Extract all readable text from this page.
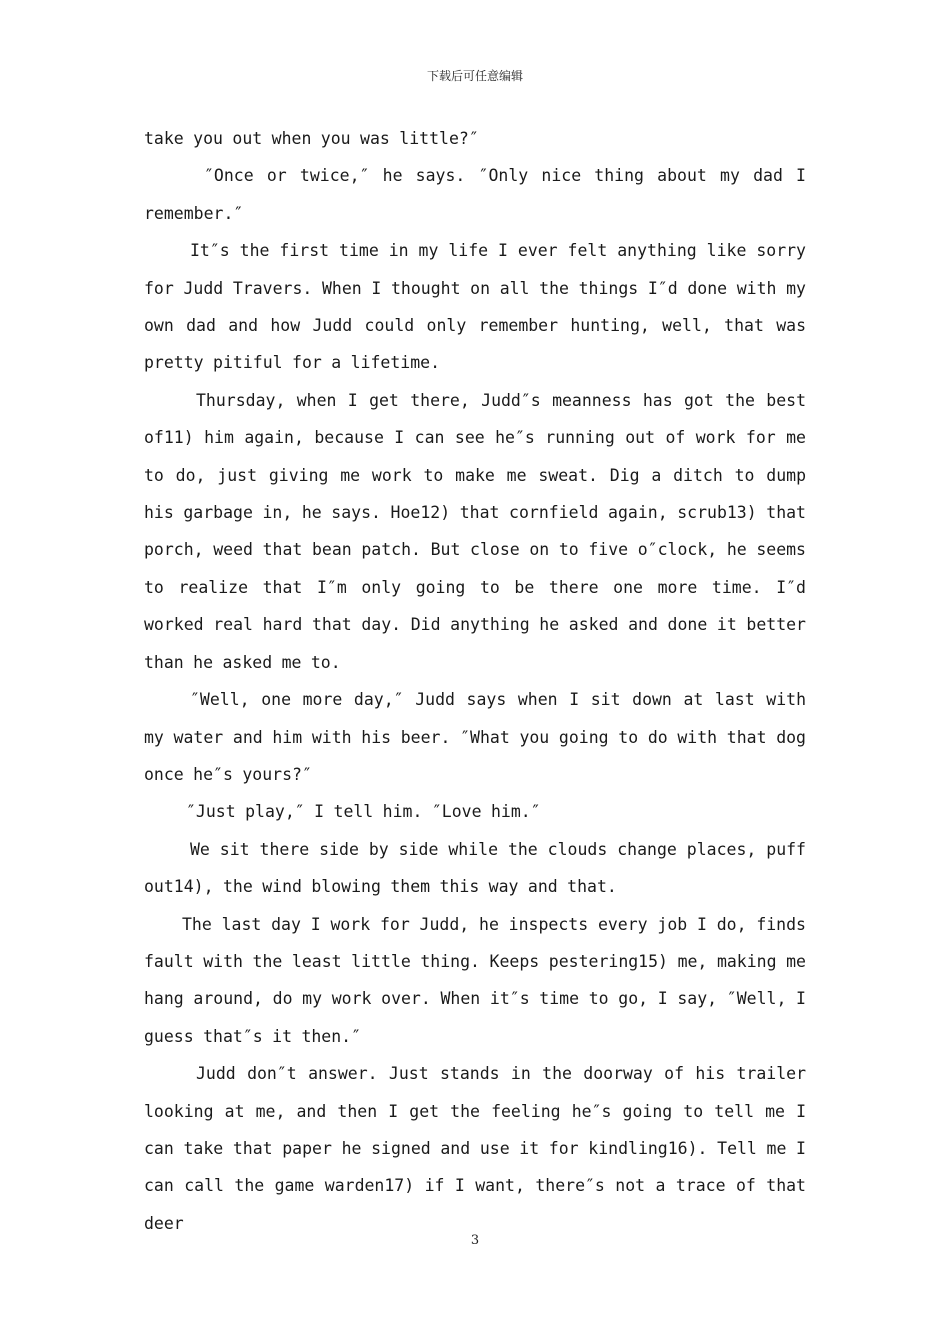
下载后可任意编辑

take you out when you was little?″

″Once or twice,″ he says. ″Only nice thing about my dad I remember.″

It″s the first time in my life I ever felt anything like sorry for Judd Travers. When I thought on all the things I″d done with my own dad and how Judd could only remember hunting, well, that was pretty pitiful for a lifetime.

Thursday, when I get there, Judd″s meanness has got the best of11) him again, because I can see he″s running out of work for me to do, just giving me work to make me sweat. Dig a ditch to dump his garbage in, he says. Hoe12) that cornfield again, scrub13) that porch, weed that bean patch. But close on to five o″clock, he seems to realize that I″m only going to be there one more time. I″d worked real hard that day. Did anything he asked and done it better than he asked me to.

″Well, one more day,″ Judd says when I sit down at last with my water and him with his beer. ″What you going to do with that dog once he″s yours?″

″Just play,″ I tell him. ″Love him.″

We sit there side by side while the clouds change places, puff out14), the wind blowing them this way and that.

The last day I work for Judd, he inspects every job I do, finds fault with the least little thing. Keeps pestering15) me, making me hang around, do my work over. When it″s time to go, I say, ″Well, I guess that″s it then.″

Judd don″t answer. Just stands in the doorway of his trailer looking at me, and then I get the feeling he″s going to tell me I can take that paper he signed and use it for kindling16). Tell me I can call the game warden17) if I want, there″s not a trace of that deer

3
